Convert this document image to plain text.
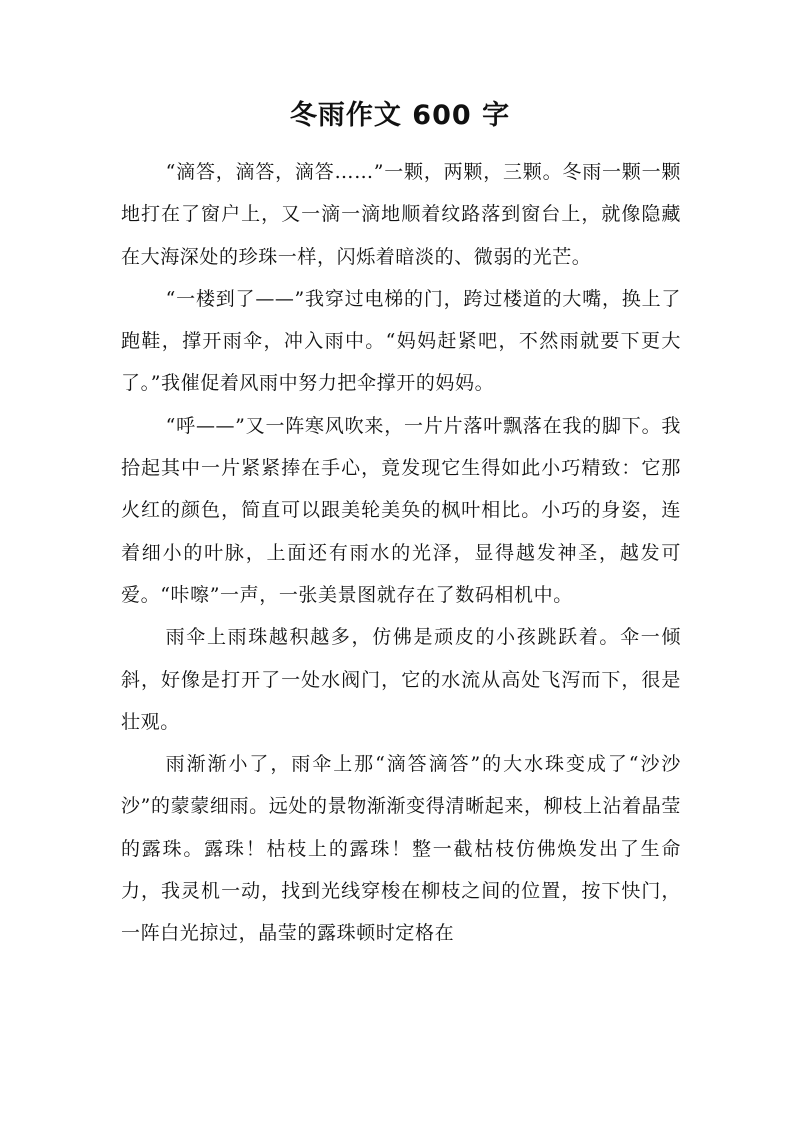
冬雨作文 600 字

“滴答，滴答，滴答……”一颗，两颗，三颗。冬雨一颗一颗地打在了窗户上，又一滴一滴地顺着纹路落到窗台上，就像隐藏在大海深处的珍珠一样，闪烁着暗淡的、微弱的光芒。

“一楼到了——”我穿过电梯的门，跨过楼道的大嘴，换上了跑鞋，撑开雨伞，冲入雨中。“妈妈赶紧吧，不然雨就要下更大了。”我催促着风雨中努力把伞撑开的妈妈。

“呼——”又一阵寒风吹来，一片片落叶飘落在我的脚下。我拾起其中一片紧紧捧在手心，竟发现它生得如此小巧精致：它那火红的颜色，简直可以跟美轮美奂的枫叶相比。小巧的身姿，连着细小的叶脉，上面还有雨水的光泽，显得越发神圣，越发可爱。“咔嚓”一声，一张美景图就存在了数码相机中。

雨伞上雨珠越积越多，仿佛是顽皮的小孩跳跃着。伞一倾斜，好像是打开了一处水阀门，它的水流从高处飞泻而下，很是壮观。

雨渐渐小了，雨伞上那“滴答滴答”的大水珠变成了“沙沙沙”的蒙蒙细雨。远处的景物渐渐变得清晰起来，柳枝上沾着晶莹的露珠。露珠！枯枝上的露珠！整一截枯枝仿佛焕发出了生命力，我灵机一动，找到光线穿梭在柳枝之间的位置，按下快门，一阵白光掠过，晶莹的露珠顿时定格在
